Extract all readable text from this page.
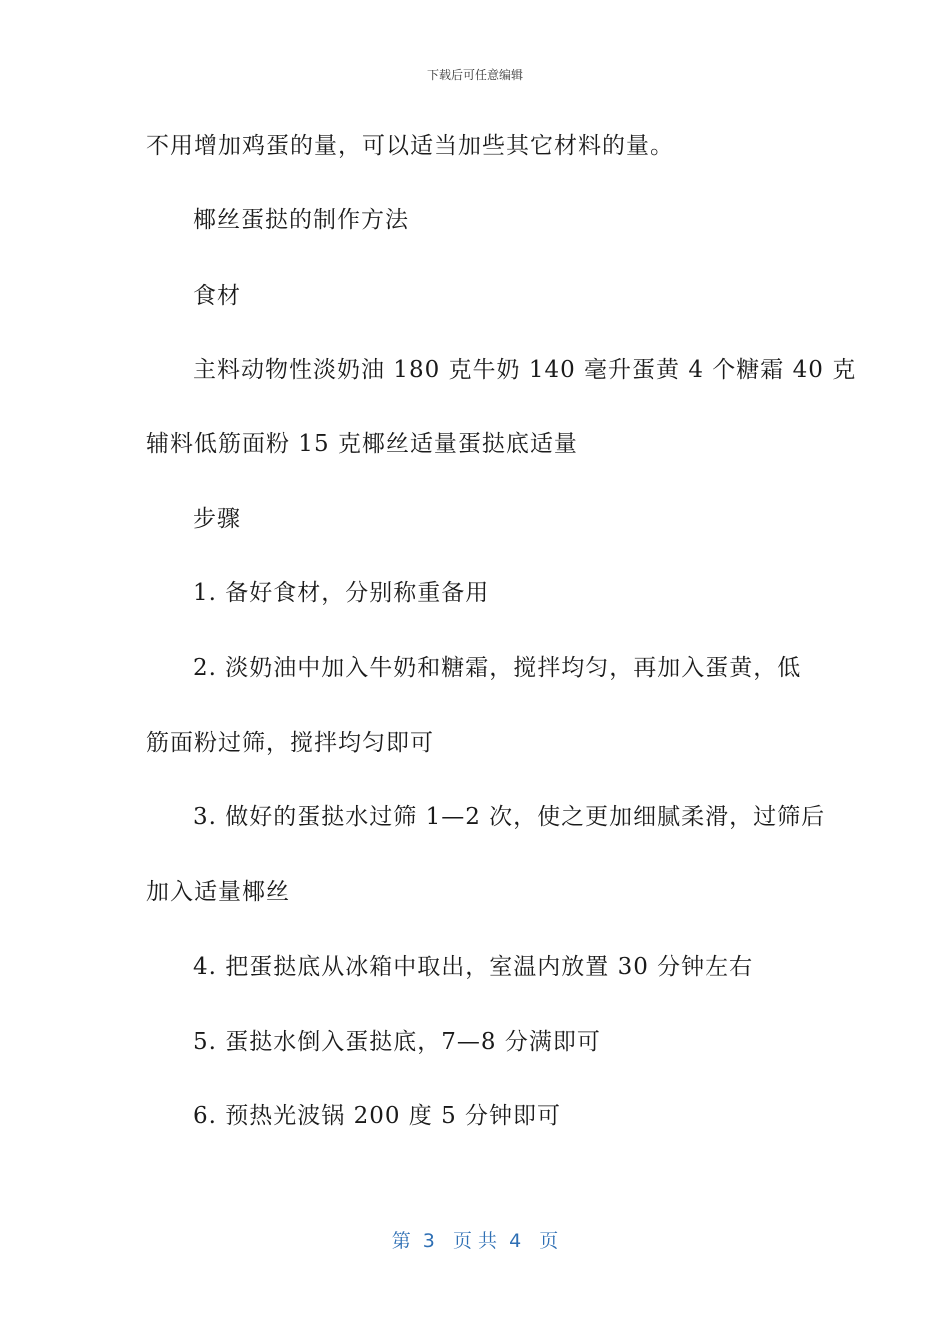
下载后可任意编辑
不用增加鸡蛋的量，可以适当加些其它材料的量。
椰丝蛋挞的制作方法
食材
主料动物性淡奶油 180 克牛奶 140 毫升蛋黄 4 个糖霜 40 克
辅料低筋面粉 15 克椰丝适量蛋挞底适量
步骤
1. 备好食材，分别称重备用
2. 淡奶油中加入牛奶和糖霜，搅拌均匀，再加入蛋黄，低
筋面粉过筛，搅拌均匀即可
3. 做好的蛋挞水过筛 1—2 次，使之更加细腻柔滑，过筛后
加入适量椰丝
4. 把蛋挞底从冰箱中取出，室温内放置 30 分钟左右
5. 蛋挞水倒入蛋挞底，7—8 分满即可
6. 预热光波锅 200 度 5 分钟即可
第  3   页 共  4   页
